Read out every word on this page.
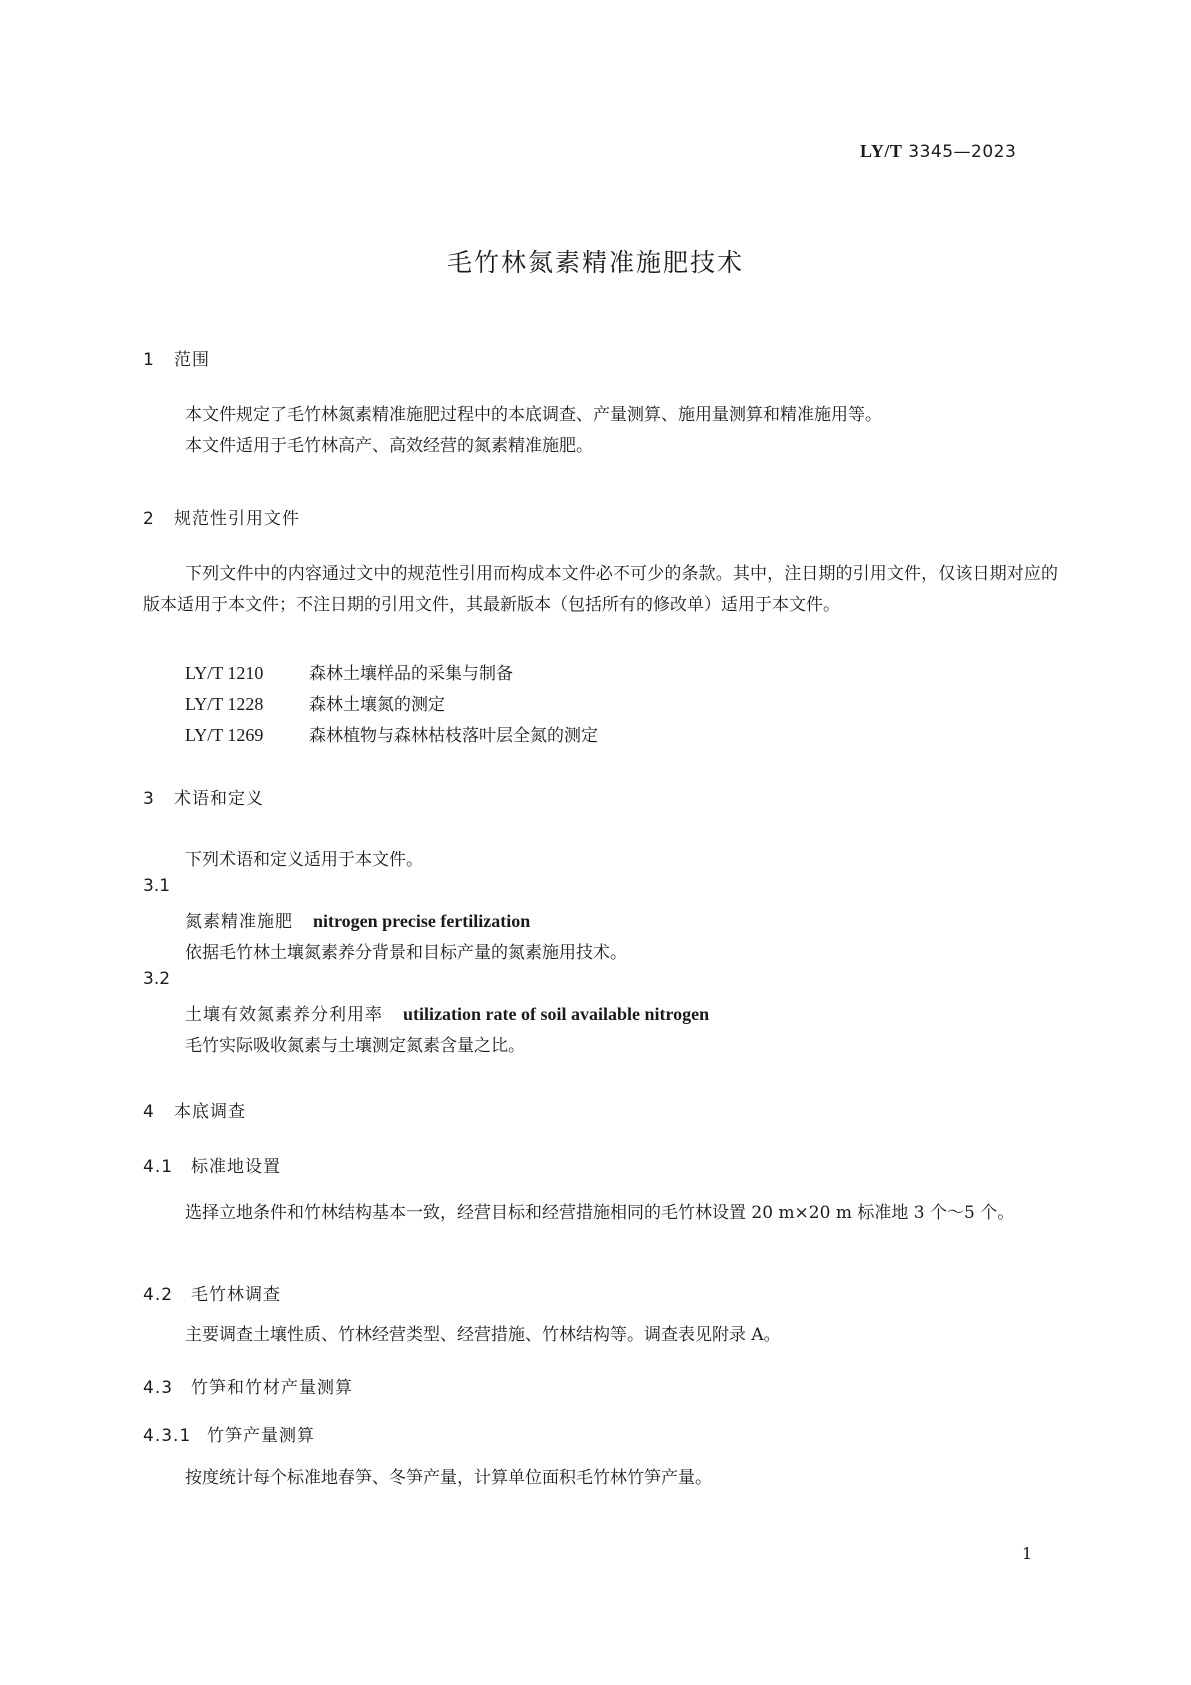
LY/T 3345—2023
毛竹林氮素精准施肥技术
1 范围
本文件规定了毛竹林氮素精准施肥过程中的本底调查、产量测算、施用量测算和精准施用等。
本文件适用于毛竹林高产、高效经营的氮素精准施肥。
2 规范性引用文件
下列文件中的内容通过文中的规范性引用而构成本文件必不可少的条款。其中，注日期的引用文件，仅该日期对应的版本适用于本文件；不注日期的引用文件，其最新版本（包括所有的修改单）适用于本文件。
LY/T 1210	森林土壤样品的采集与制备
LY/T 1228	森林土壤氮的测定
LY/T 1269	森林植物与森林枯枝落叶层全氮的测定
3 术语和定义
下列术语和定义适用于本文件。
3.1
氮素精准施肥 nitrogen precise fertilization
依据毛竹林土壤氮素养分背景和目标产量的氮素施用技术。
3.2
土壤有效氮素养分利用率 utilization rate of soil available nitrogen
毛竹实际吸收氮素与土壤测定氮素含量之比。
4 本底调查
4.1 标准地设置
选择立地条件和竹林结构基本一致，经营目标和经营措施相同的毛竹林设置 20 m×20 m 标准地 3 个～5 个。
4.2 毛竹林调查
主要调查土壤性质、竹林经营类型、经营措施、竹林结构等。调查表见附录 A。
4.3 竹笋和竹材产量测算
4.3.1 竹笋产量测算
按度统计每个标准地春笋、冬笋产量，计算单位面积毛竹林竹笋产量。
1
